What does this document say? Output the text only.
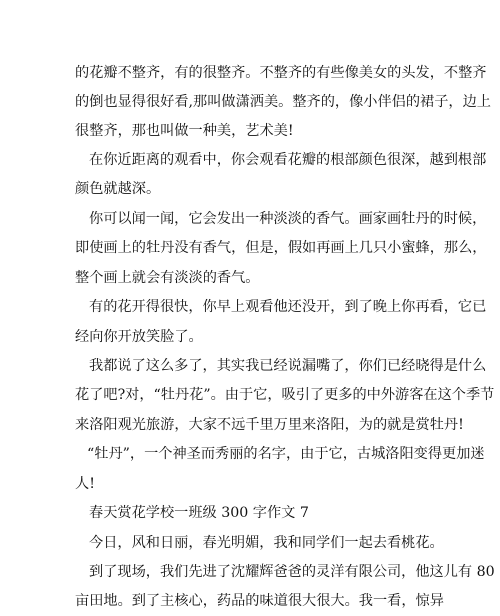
的花瓣不整齐，有的很整齐。不整齐的有些像美女的头发，不整齐
的倒也显得很好看,那叫做潇洒美。整齐的，像小伴侣的裙子，边上
很整齐，那也叫做一种美，艺术美!
在你近距离的观看中，你会观看花瓣的根部颜色很深，越到根部
颜色就越深。
你可以闻一闻，它会发出一种淡淡的香气。画家画牡丹的时候，
即使画上的牡丹没有香气，但是，假如再画上几只小蜜蜂，那么，
整个画上就会有淡淡的香气。
有的花开得很快，你早上观看他还没开，到了晚上你再看，它已
经向你开放笑脸了。
我都说了这么多了，其实我已经说漏嘴了，你们已经晓得是什么
花了吧?对，“牡丹花”。由于它，吸引了更多的中外游客在这个季节
来洛阳观光旅游，大家不远千里万里来洛阳，为的就是赏牡丹!
“牡丹”，一个神圣而秀丽的名字，由于它，古城洛阳变得更加迷
人!
春天赏花学校一班级 300 字作文 7
今日，风和日丽，春光明媚，我和同学们一起去看桃花。
到了现场，我们先进了沈耀辉爸爸的灵洋有限公司，他这儿有 80
亩田地。到了主核心，药品的味道很大很大。我一看，惊异
